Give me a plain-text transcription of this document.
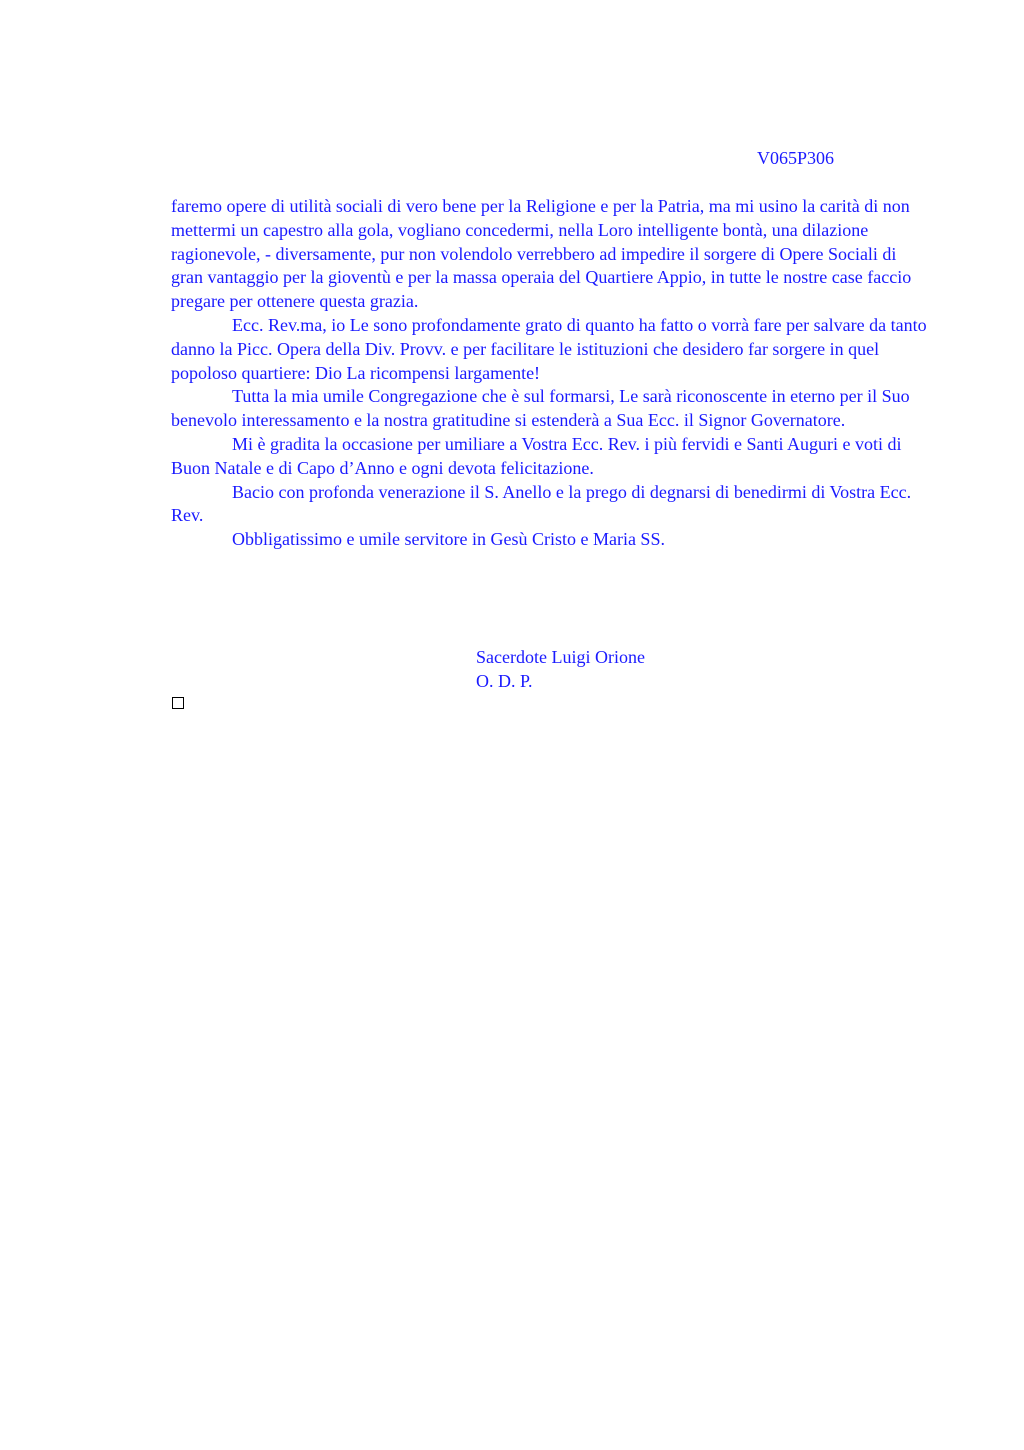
V065P306

faremo opere di utilità sociali di vero bene per la Religione e per la Patria, ma mi usino la carità di non mettermi un capestro alla gola, vogliano concedermi, nella Loro intelligente bontà, una dilazione ragionevole, - diversamente, pur non volendolo verrebbero ad impedire il sorgere di Opere Sociali di gran vantaggio per la gioventù e per la massa operaia del Quartiere Appio, in tutte le nostre case faccio pregare per ottenere questa grazia.

Ecc. Rev.ma, io Le sono profondamente grato di quanto ha fatto o vorrà fare per salvare da tanto danno la Picc. Opera della Div. Provv. e per facilitare le istituzioni che desidero far sorgere in quel popoloso quartiere: Dio La ricompensi largamente!

Tutta la mia umile Congregazione che è sul formarsi, Le sarà riconoscente in eterno per il Suo benevolo interessamento e la nostra gratitudine si estenderà a Sua Ecc. il Signor Governatore.

Mi è gradita la occasione per umiliare a Vostra Ecc. Rev. i più fervidi e Santi Auguri e voti di Buon Natale e di Capo d’Anno e ogni devota felicitazione.

Bacio con profonda venerazione il S. Anello e la prego di degnarsi di benedirmi di Vostra Ecc. Rev.

Obbligatissimo e umile servitore in Gesù Cristo e Maria SS.

Sacerdote Luigi Orione
O. D. P.
